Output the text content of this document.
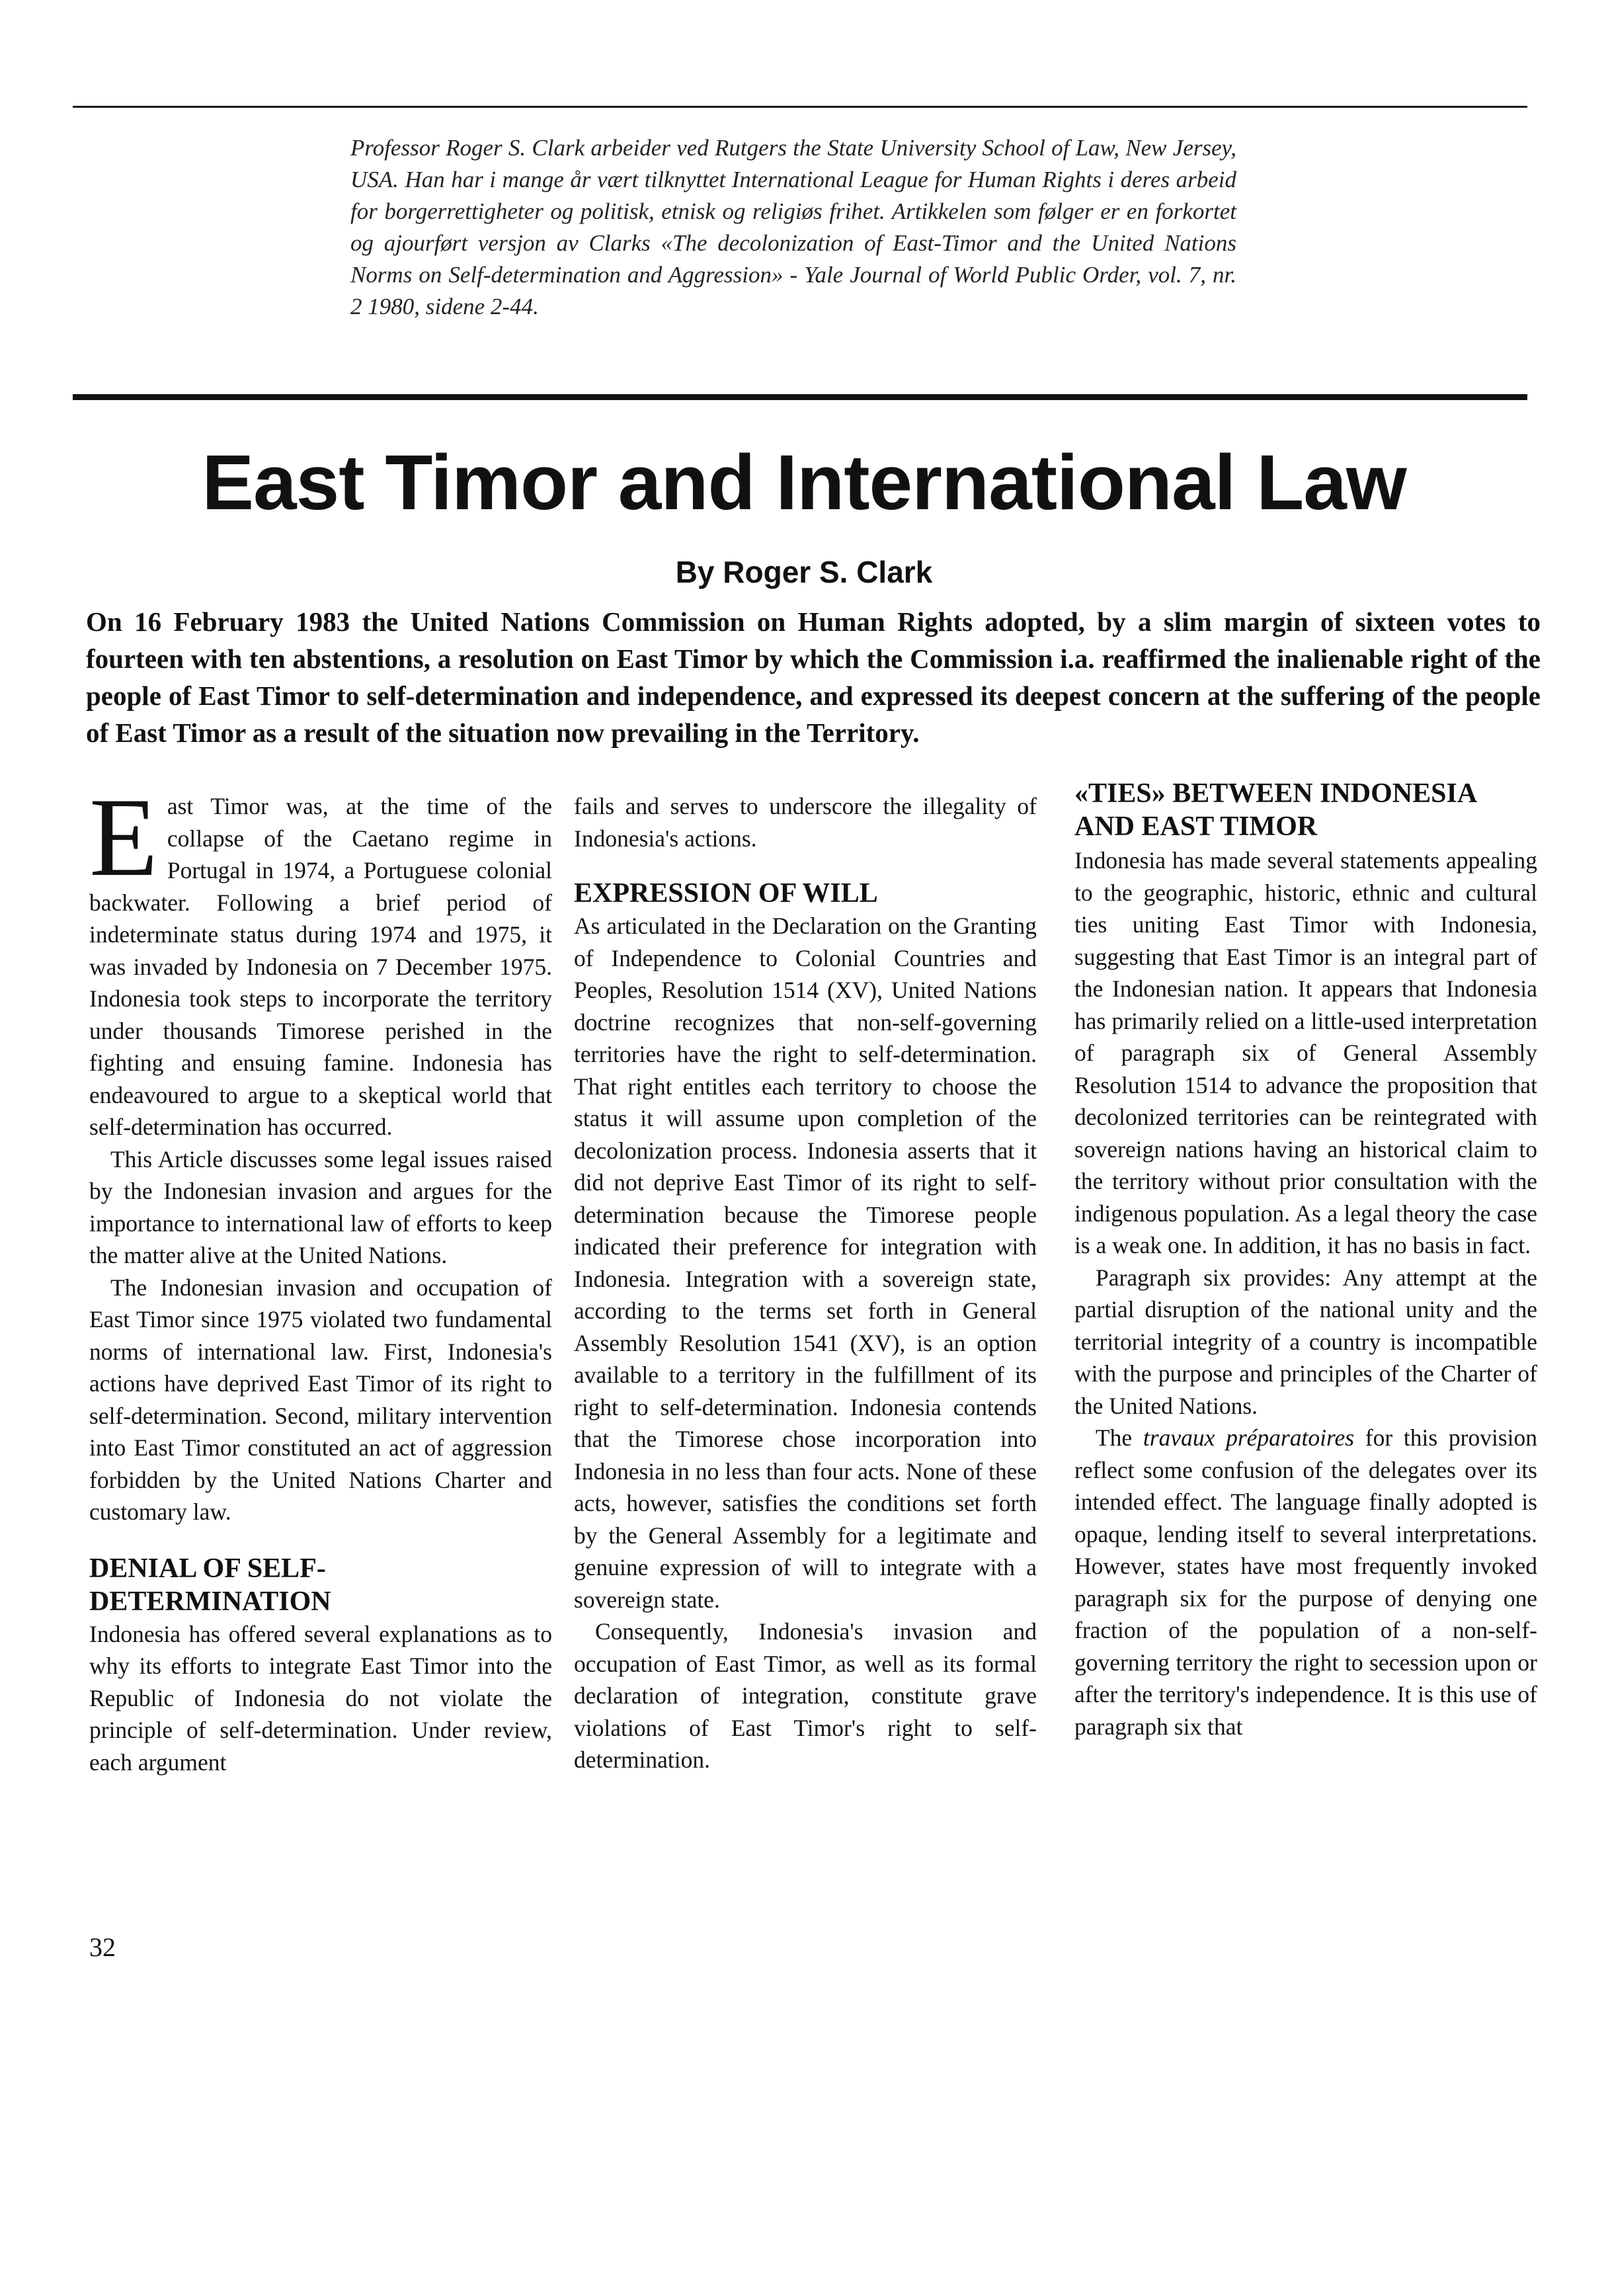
Professor Roger S. Clark arbeider ved Rutgers the State University School of Law, New Jersey, USA. Han har i mange år vært tilknyttet International League for Human Rights i deres arbeid for borgerrettigheter og politisk, etnisk og religiøs frihet. Artikkelen som følger er en forkortet og ajourført versjon av Clarks «The decolonization of East-Timor and the United Nations Norms on Self-determination and Aggression» - Yale Journal of World Public Order, vol. 7, nr. 2 1980, sidene 2-44.

East Timor and International Law

By Roger S. Clark

On 16 February 1983 the United Nations Commission on Human Rights adopted, by a slim margin of sixteen votes to fourteen with ten abstentions, a resolution on East Timor by which the Commission i.a. reaffirmed the inalienable right of the people of East Timor to self-determination and independence, and expressed its deepest concern at the suffering of the people of East Timor as a result of the situation now prevailing in the Territory.

East Timor was, at the time of the collapse of the Caetano regime in Portugal in 1974, a Portuguese colonial backwater. Following a brief period of indeterminate status during 1974 and 1975, it was invaded by Indonesia on 7 December 1975. Indonesia took steps to incorporate the territory under thousands Timorese perished in the fighting and ensuing famine. Indonesia has endeavoured to argue to a skeptical world that self-determination has occurred.

This Article discusses some legal issues raised by the Indonesian invasion and argues for the importance to international law of efforts to keep the matter alive at the United Nations.

The Indonesian invasion and occupation of East Timor since 1975 violated two fundamental norms of international law. First, Indonesia's actions have deprived East Timor of its right to self-determination. Second, military intervention into East Timor constituted an act of aggression forbidden by the United Nations Charter and customary law.

DENIAL OF SELF-DETERMINATION

Indonesia has offered several explanations as to why its efforts to integrate East Timor into the Republic of Indonesia do not violate the principle of self-determination. Under review, each argument

fails and serves to underscore the illegality of Indonesia's actions.

EXPRESSION OF WILL

As articulated in the Declaration on the Granting of Independence to Colonial Countries and Peoples, Resolution 1514 (XV), United Nations doctrine recognizes that non-self-governing territories have the right to self-determination. That right entitles each territory to choose the status it will assume upon completion of the decolonization process. Indonesia asserts that it did not deprive East Timor of its right to self-determination because the Timorese people indicated their preference for integration with Indonesia. Integration with a sovereign state, according to the terms set forth in General Assembly Resolution 1541 (XV), is an option available to a territory in the fulfillment of its right to self-determination. Indonesia contends that the Timorese chose incorporation into Indonesia in no less than four acts. None of these acts, however, satisfies the conditions set forth by the General Assembly for a legitimate and genuine expression of will to integrate with a sovereign state.

Consequently, Indonesia's invasion and occupation of East Timor, as well as its formal declaration of integration, constitute grave violations of East Timor's right to self-determination.

«TIES» BETWEEN INDONESIA AND EAST TIMOR

Indonesia has made several statements appealing to the geographic, historic, ethnic and cultural ties uniting East Timor with Indonesia, suggesting that East Timor is an integral part of the Indonesian nation. It appears that Indonesia has primarily relied on a little-used interpretation of paragraph six of General Assembly Resolution 1514 to advance the proposition that decolonized territories can be reintegrated with sovereign nations having an historical claim to the territory without prior consultation with the indigenous population. As a legal theory the case is a weak one. In addition, it has no basis in fact.

Paragraph six provides: Any attempt at the partial disruption of the national unity and the territorial integrity of a country is incompatible with the purpose and principles of the Charter of the United Nations.

The travaux préparatoires for this provision reflect some confusion of the delegates over its intended effect. The language finally adopted is opaque, lending itself to several interpretations. However, states have most frequently invoked paragraph six for the purpose of denying one fraction of the population of a non-self-governing territory the right to secession upon or after the territory's independence. It is this use of paragraph six that

32
